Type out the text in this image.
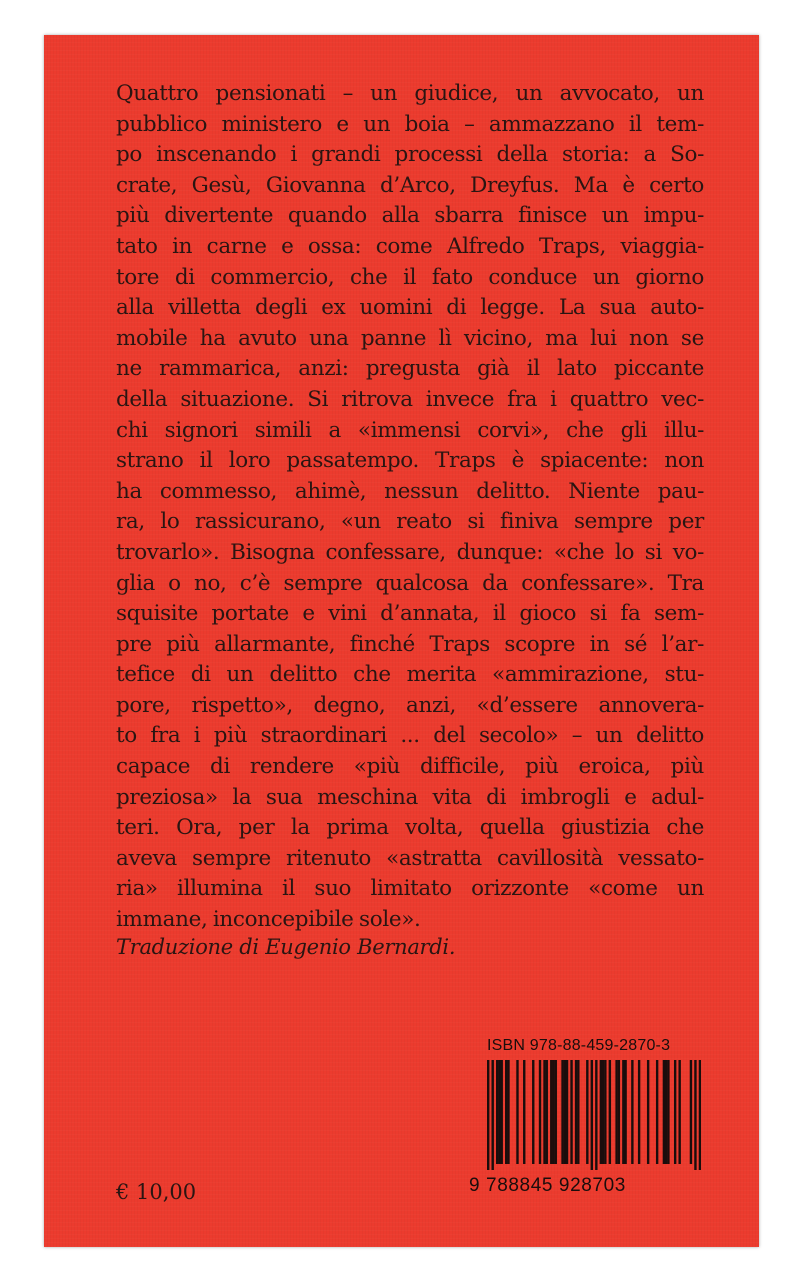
Quattro pensionati – un giudice, un avvocato, un
pubblico ministero e un boia – ammazzano il tem-
po inscenando i grandi processi della storia: a So-
crate, Gesù, Giovanna d’Arco, Dreyfus. Ma è certo
più divertente quando alla sbarra finisce un impu-
tato in carne e ossa: come Alfredo Traps, viaggia-
tore di commercio, che il fato conduce un giorno
alla villetta degli ex uomini di legge. La sua auto-
mobile ha avuto una panne lì vicino, ma lui non se
ne rammarica, anzi: pregusta già il lato piccante
della situazione. Si ritrova invece fra i quattro vec-
chi signori simili a «immensi corvi», che gli illu-
strano il loro passatempo. Traps è spiacente: non
ha commesso, ahimè, nessun delitto. Niente pau-
ra, lo rassicurano, «un reato si finiva sempre per
trovarlo». Bisogna confessare, dunque: «che lo si vo-
glia o no, c’è sempre qualcosa da confessare». Tra
squisite portate e vini d’annata, il gioco si fa sem-
pre più allarmante, finché Traps scopre in sé l’ar-
tefice di un delitto che merita «ammirazione, stu-
pore, rispetto», degno, anzi, «d’essere annovera-
to fra i più straordinari ... del secolo» – un delitto
capace di rendere «più difficile, più eroica, più
preziosa» la sua meschina vita di imbrogli e adul-
teri. Ora, per la prima volta, quella giustizia che
aveva sempre ritenuto «astratta cavillosità vessato-
ria» illumina il suo limitato orizzonte «come un
immane, inconcepibile sole».

Traduzione di Eugenio Bernardi.

ISBN 978-88-459-2870-3
9 788845 928703
€ 10,00
